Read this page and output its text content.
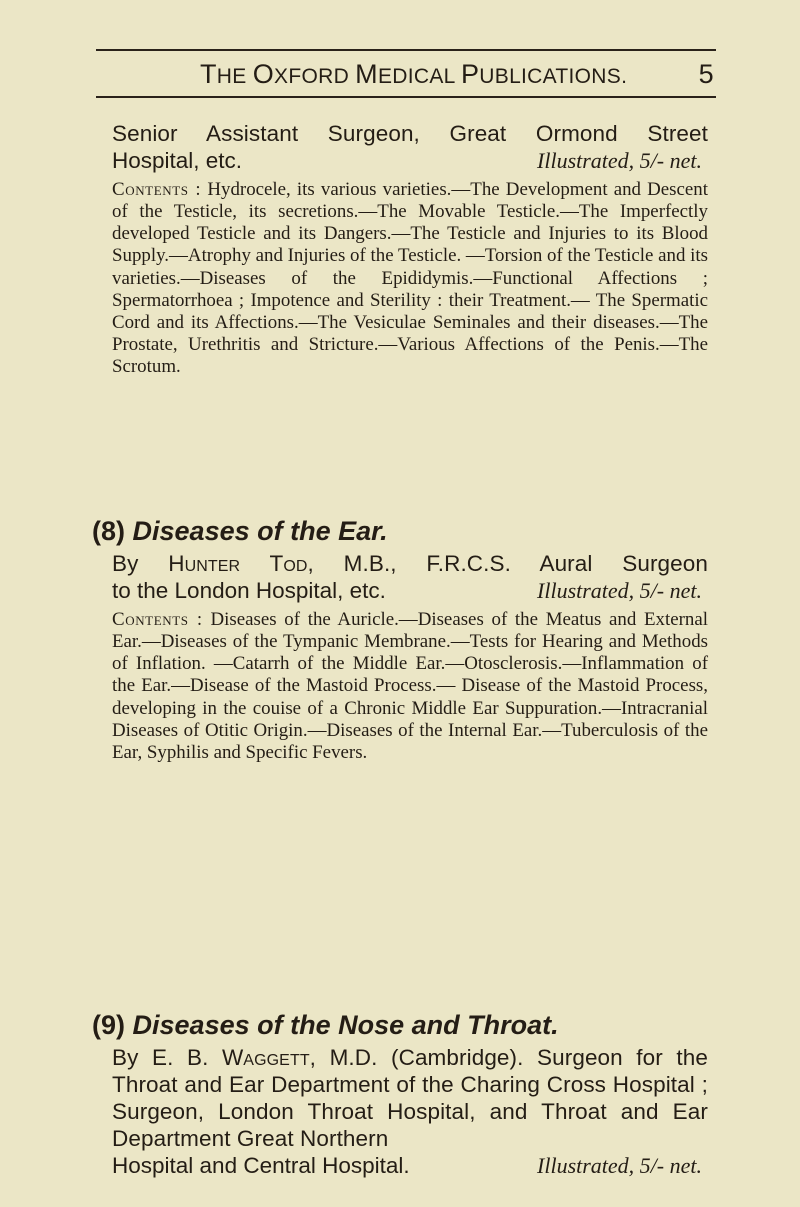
THE OXFORD MEDICAL PUBLICATIONS.	5
Senior Assistant Surgeon, Great Ormond Street
Hospital, etc.	Illustrated, 5/- net.
Contents : Hydrocele, its various varieties.—The Development and Descent of the Testicle, its secretions.—The Movable Testicle.—The Imperfectly developed Testicle and its Dangers.—The Testicle and Injuries to its Blood Supply.—Atrophy and Injuries of the Testicle. —Torsion of the Testicle and its varieties.—Diseases of the Epididymis.—Functional Affections ; Spermatorrhoea ; Impotence and Sterility : their Treatment.— The Spermatic Cord and its Affections.—The Vesiculae Seminales and their diseases.—The Prostate, Urethritis and Stricture.—Various Affections of the Penis.—The Scrotum.
(8) Diseases of the Ear.
By Hunter Tod, M.B., F.R.C.S. Aural Surgeon
to the London Hospital, etc.	Illustrated, 5/- net.
Contents : Diseases of the Auricle.—Diseases of the Meatus and External Ear.—Diseases of the Tympanic Membrane.—Tests for Hearing and Methods of Inflation. —Catarrh of the Middle Ear.—Otosclerosis.—Inflammation of the Ear.—Disease of the Mastoid Process.— Disease of the Mastoid Process, developing in the couise of a Chronic Middle Ear Suppuration.—Intracranial Diseases of Otitic Origin.—Diseases of the Internal Ear.—Tuberculosis of the Ear, Syphilis and Specific Fevers.
(9) Diseases of the Nose and Throat.
By E. B. Waggett, M.D. (Cambridge). Surgeon for the Throat and Ear Department of the Charing Cross Hospital ; Surgeon, London Throat Hospital, and Throat and Ear Department Great Northern
Hospital and Central Hospital.	Illustrated, 5/- net.
